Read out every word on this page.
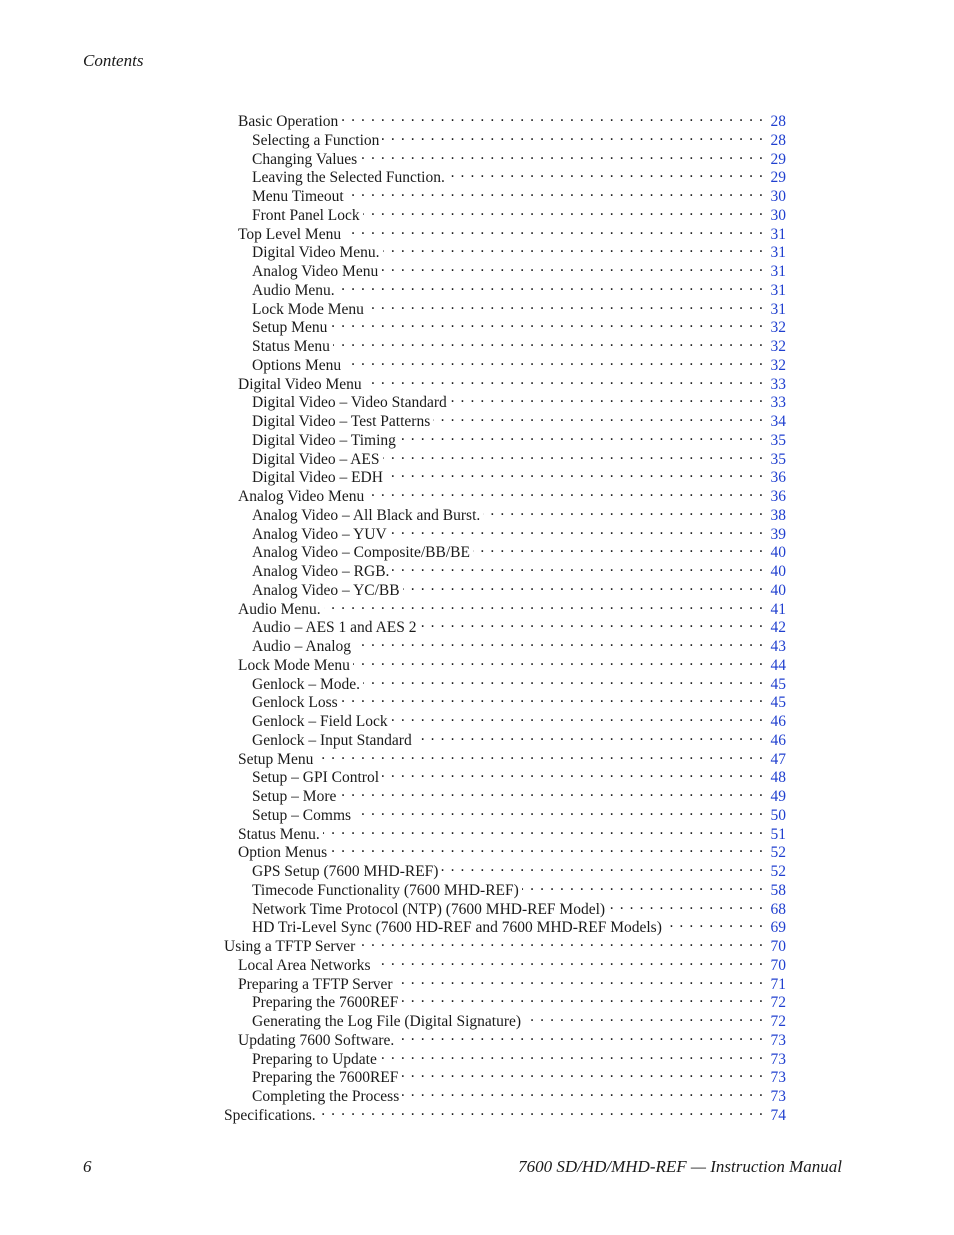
Contents
Basic Operation . . .	28
Selecting a Function . . .	28
Changing Values . . .	29
Leaving the Selected Function. . . .	29
Menu Timeout . . .	30
Front Panel Lock . . .	30
Top Level Menu . . .	31
Digital Video Menu. . . .	31
Analog Video Menu . . .	31
Audio Menu. . . .	31
Lock Mode Menu . . .	31
Setup Menu . . .	32
Status Menu . . .	32
Options Menu . . .	32
Digital Video Menu . . .	33
Digital Video – Video Standard . . .	33
Digital Video – Test Patterns . . .	34
Digital Video – Timing . . .	35
Digital Video – AES . . .	35
Digital Video – EDH . . .	36
Analog Video Menu . . .	36
Analog Video – All Black and Burst. . . .	38
Analog Video – YUV . . .	39
Analog Video – Composite/BB/BE . . .	40
Analog Video – RGB. . . .	40
Analog Video – YC/BB . . .	40
Audio Menu. . . .	41
Audio – AES 1 and AES 2 . . .	42
Audio – Analog . . .	43
Lock Mode Menu . . .	44
Genlock – Mode. . . .	45
Genlock Loss . . .	45
Genlock – Field Lock . . .	46
Genlock – Input Standard . . .	46
Setup Menu . . .	47
Setup – GPI Control . . .	48
Setup – More . . .	49
Setup – Comms . . .	50
Status Menu. . . .	51
Option Menus . . .	52
GPS Setup (7600 MHD-REF) . . .	52
Timecode Functionality (7600 MHD-REF) . . .	58
Network Time Protocol (NTP) (7600 MHD-REF Model) . . .	68
HD Tri-Level Sync (7600 HD-REF and 7600 MHD-REF Models) . . .	69
Using a TFTP Server . . .	70
Local Area Networks . . .	70
Preparing a TFTP Server . . .	71
Preparing the 7600REF . . .	72
Generating the Log File (Digital Signature) . . .	72
Updating 7600 Software. . . .	73
Preparing to Update . . .	73
Preparing the 7600REF . . .	73
Completing the Process . . .	73
Specifications. . . .	74
6	7600 SD/HD/MHD-REF — Instruction Manual
